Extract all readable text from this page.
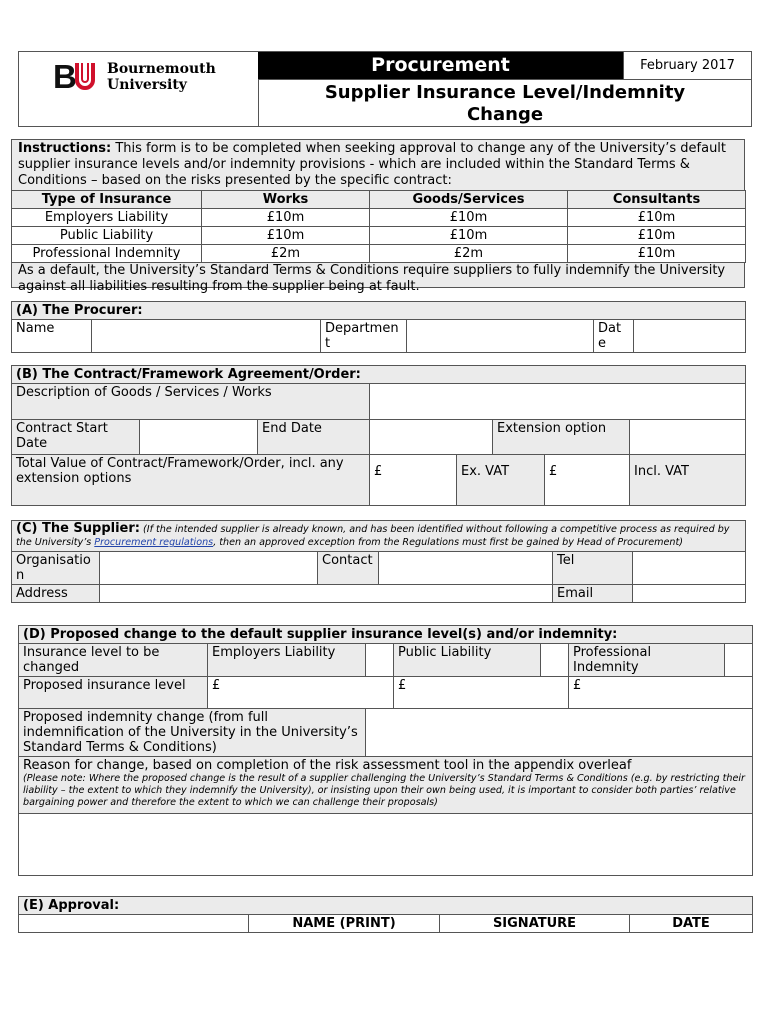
B Bournemouth
University
Procurement	February 2017
Supplier Insurance Level/Indemnity Change
Instructions: This form is to be completed when seeking approval to change any of the University’s default supplier insurance levels and/or indemnity provisions - which are included within the Standard Terms & Conditions – based on the risks presented by the specific contract:
Type of Insurance	Works	Goods/Services	Consultants
Employers Liability	£10m	£10m	£10m
Public Liability	£10m	£10m	£10m
Professional Indemnity	£2m	£2m	£10m
As a default, the University’s Standard Terms & Conditions require suppliers to fully indemnify the University against all liabilities resulting from the supplier being at fault.
(A) The Procurer:
Name		Department		Date	
(B) The Contract/Framework Agreement/Order:							
Description of Goods / Services / Works							
Contract Start Date		End Date			Extension option		
Total Value of Contract/Framework/Order, incl. any extension options			£	Ex. VAT		£	Incl. VAT
(C) The Supplier: (If the intended supplier is already known, and has been identified without following a competitive process as required by the University’s Procurement regulations, then an approved exception from the Regulations must first be gained by Head of Procurement)					
Organisation		Contact		Tel	
Address				Email	
(D) Proposed change to the default supplier insurance level(s) and/or indemnity:						
Insurance level to be changed	Employers Liability		Public Liability		Professional Indemnity	
Proposed insurance level	£		£		£	
Proposed indemnity change (from full indemnification of the University in the University’s Standard Terms & Conditions)						

Reason for change, based on completion of the risk assessment tool in the appendix overleaf
(Please note: Where the proposed change is the result of a supplier challenging the University’s Standard Terms & Conditions (e.g. by restricting their liability – the extent to which they indemnify the University), or insisting upon their own being used, it is important to consider both parties’ relative bargaining power and therefore the extent to which we can challenge their proposals)						

(E) Approval:
	NAME (PRINT)	SIGNATURE	DATE
